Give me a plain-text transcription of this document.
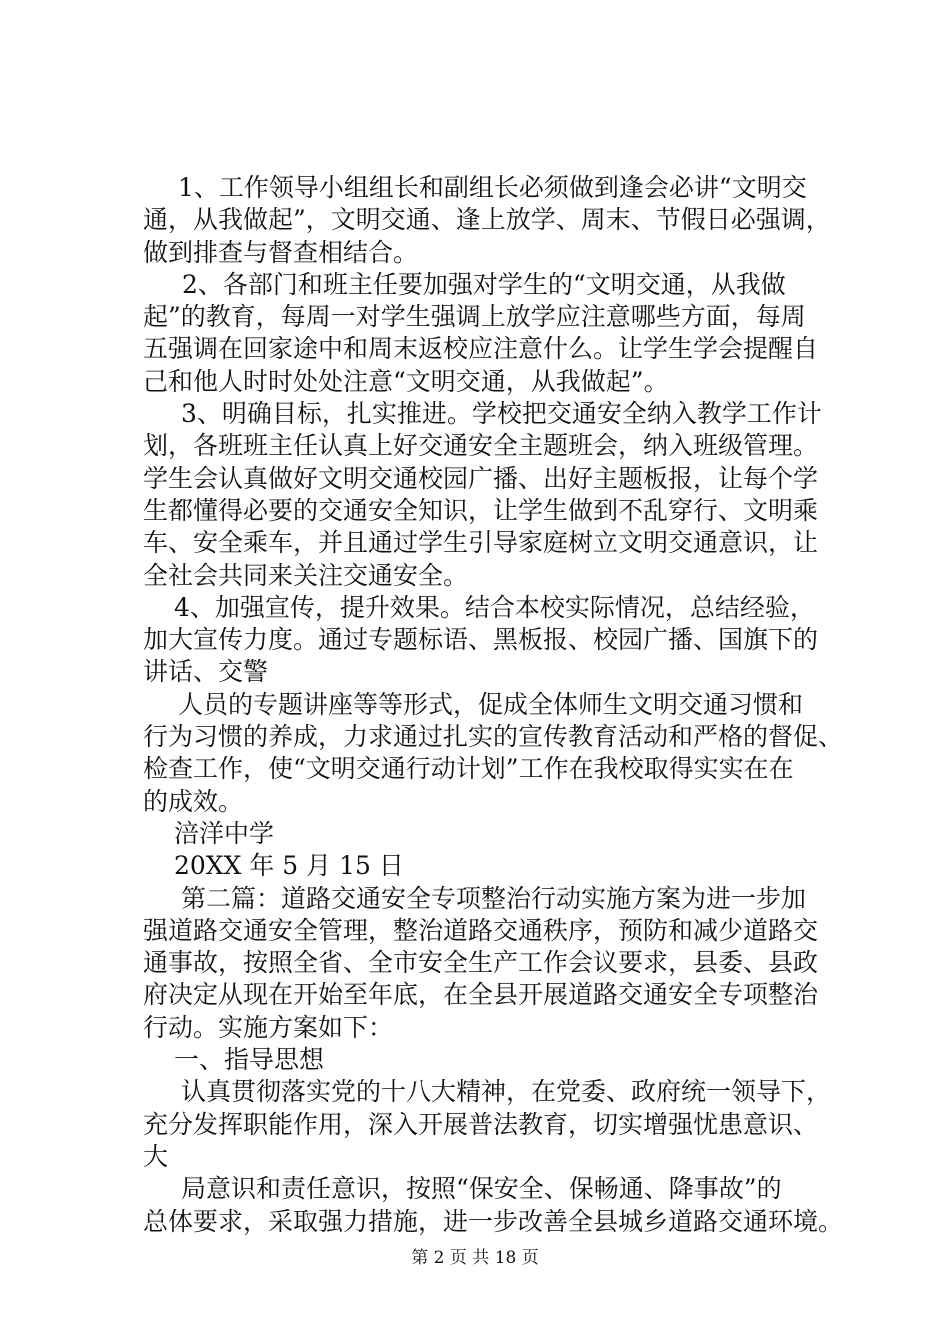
1、工作领导小组组长和副组长必须做到逢会必讲“文明交
通，从我做起”，文明交通、逢上放学、周末、节假日必强调，
做到排查与督查相结合。
2、各部门和班主任要加强对学生的“文明交通，从我做
起”的教育，每周一对学生强调上放学应注意哪些方面，每周
五强调在回家途中和周末返校应注意什么。让学生学会提醒自
己和他人时时处处注意“文明交通，从我做起”。
3、明确目标，扎实推进。学校把交通安全纳入教学工作计
划，各班班主任认真上好交通安全主题班会，纳入班级管理。
学生会认真做好文明交通校园广播、出好主题板报，让每个学
生都懂得必要的交通安全知识，让学生做到不乱穿行、文明乘
车、安全乘车，并且通过学生引导家庭树立文明交通意识，让
全社会共同来关注交通安全。
4、加强宣传，提升效果。结合本校实际情况，总结经验，
加大宣传力度。通过专题标语、黑板报、校园广播、国旗下的
讲话、交警
人员的专题讲座等等形式，促成全体师生文明交通习惯和
行为习惯的养成，力求通过扎实的宣传教育活动和严格的督促、
检查工作，使“文明交通行动计划”工作在我校取得实实在在
的成效。
涪洋中学
20XX 年 5 月 15 日
第二篇：道路交通安全专项整治行动实施方案为进一步加
强道路交通安全管理，整治道路交通秩序，预防和减少道路交
通事故，按照全省、全市安全生产工作会议要求，县委、县政
府决定从现在开始至年底，在全县开展道路交通安全专项整治
行动。实施方案如下：
一、指导思想
认真贯彻落实党的十八大精神，在党委、政府统一领导下，
充分发挥职能作用，深入开展普法教育，切实增强忧患意识、
大
局意识和责任意识，按照“保安全、保畅通、降事故”的
总体要求，采取强力措施，进一步改善全县城乡道路交通环境。
第 2 页 共 18 页
